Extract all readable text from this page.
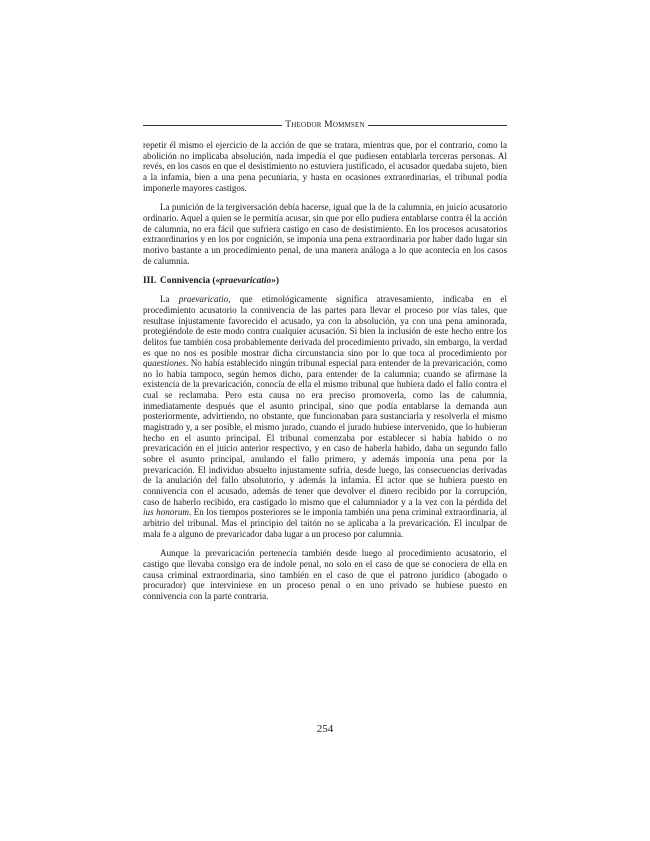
Theodor Mommsen

repetir él mismo el ejercicio de la acción de que se tratara, mientras que, por el contrario, como la abolición no implicaba absolución, nada impedía el que pudiesen entablarla terceras personas. Al revés, en los casos en que el desistimiento no estuviera justificado, el acusador quedaba sujeto, bien a la infamia, bien a una pena pecuniaria, y hasta en ocasiones extraordinarias, el tribunal podía imponerle mayores castigos.

La punición de la tergiversación debía hacerse, igual que la de la calumnia, en juicio acusatorio ordinario. Aquel a quien se le permitía acusar, sin que por ello pudiera entablarse contra él la acción de calumnia, no era fácil que sufriera castigo en caso de desistimiento. En los procesos acusatorios extraordinarios y en los por cognición, se imponía una pena extraordinaria por haber dado lugar sin motivo bastante a un procedimiento penal, de una manera análoga a lo que acontecía en los casos de calumnia.

III. Connivencia («praevaricatio»)

La praevaricatio, que etimológicamente significa atravesamiento, indicaba en el procedimiento acusatorio la connivencia de las partes para llevar el proceso por vías tales, que resultase injustamente favorecido el acusado, ya con la absolución, ya con una pena aminorada, protegiéndole de este modo contra cualquier acusación. Si bien la inclusión de este hecho entre los delitos fue también cosa probablemente derivada del procedimiento privado, sin embargo, la verdad es que no nos es posible mostrar dicha circunstancia sino por lo que toca al procedimiento por quaestiones. No había establecido ningún tribunal especial para entender de la prevaricación, como no lo había tampoco, según hemos dicho, para entender de la calumnia; cuando se afirmase la existencia de la prevaricación, conocía de ella el mismo tribunal que hubiera dado el fallo contra el cual se reclamaba. Pero esta causa no era preciso promoverla, como las de calumnia, inmediatamente después que el asunto principal, sino que podía entablarse la demanda aun posteriormente, advirtiendo, no obstante, que funcionaban para sustanciarla y resolverla el mismo magistrado y, a ser posible, el mismo jurado, cuando el jurado hubiese intervenido, que lo hubieran hecho en el asunto principal. El tribunal comenzaba por establecer si había habido o no prevaricación en el juicio anterior respectivo, y en caso de haberla habido, daba un segundo fallo sobre el asunto principal, anulando el fallo primero, y además imponía una pena por la prevaricación. El individuo absuelto injustamente sufría, desde luego, las consecuencias derivadas de la anulación del fallo absolutorio, y además la infamia. El actor que se hubiera puesto en connivencia con el acusado, además de tener que devolver el dinero recibido por la corrupción, caso de haberlo recibido, era castigado lo mismo que el calumniador y a la vez con la pérdida del ius honorum. En los tiempos posteriores se le imponía también una pena criminal extraordinaria, al arbitrio del tribunal. Mas el principio del taitón no se aplicaba a la prevaricación. El inculpar de mala fe a alguno de prevaricador daba lugar a un proceso por calumnia.

Aunque la prevaricación pertenecía también desde luego al procedimiento acusatorio, el castigo que llevaba consigo era de índole penal, no solo en el caso de que se conociera de ella en causa criminal extraordinaria, sino también en el caso de que el patrono jurídico (abogado o procurador) que interviniese en un proceso penal o en uno privado se hubiese puesto en connivencia con la parte contraria.

254
